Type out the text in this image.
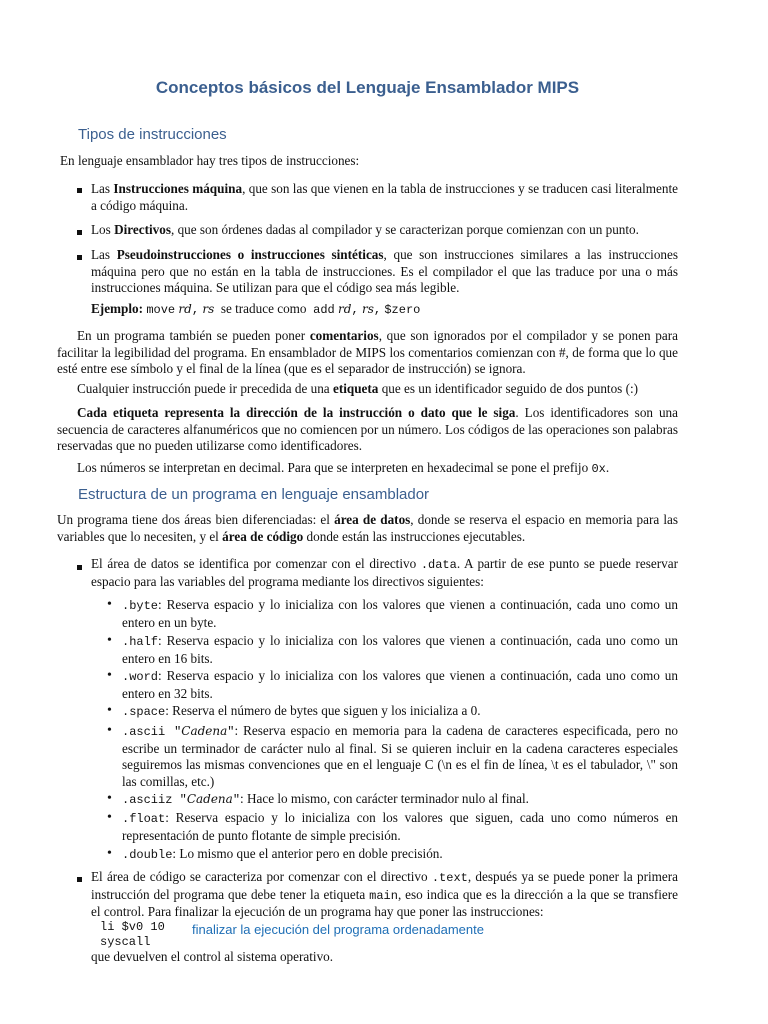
Conceptos básicos del Lenguaje Ensamblador MIPS
Tipos de instrucciones
En lenguaje ensamblador hay tres tipos de instrucciones:
Las Instrucciones máquina, que son las que vienen en la tabla de instrucciones y se traducen casi literalmente a código máquina.
Los Directivos, que son órdenes dadas al compilador y se caracterizan porque comienzan con un punto.
Las Pseudoinstrucciones o instrucciones sintéticas, que son instrucciones similares a las instrucciones máquina pero que no están en la tabla de instrucciones. Es el compilador el que las traduce por una o más instrucciones máquina. Se utilizan para que el código sea más legible.
Ejemplo: move rd, rs se traduce como add rd, rs, $zero
En un programa también se pueden poner comentarios, que son ignorados por el compilador y se ponen para facilitar la legibilidad del programa. En ensamblador de MIPS los comentarios comienzan con #, de forma que lo que esté entre ese símbolo y el final de la línea (que es el separador de instrucción) se ignora.
Cualquier instrucción puede ir precedida de una etiqueta que es un identificador seguido de dos puntos (:)
Cada etiqueta representa la dirección de la instrucción o dato que le siga. Los identificadores son una secuencia de caracteres alfanuméricos que no comiencen por un número. Los códigos de las operaciones son palabras reservadas que no pueden utilizarse como identificadores.
Los números se interpretan en decimal. Para que se interpreten en hexadecimal se pone el prefijo 0x.
Estructura de un programa en lenguaje ensamblador
Un programa tiene dos áreas bien diferenciadas: el área de datos, donde se reserva el espacio en memoria para las variables que lo necesiten, y el área de código donde están las instrucciones ejecutables.
El área de datos se identifica por comenzar con el directivo .data. A partir de ese punto se puede reservar espacio para las variables del programa mediante los directivos siguientes:
• .byte: Reserva espacio y lo inicializa con los valores que vienen a continuación, cada uno como un entero en un byte.
• .half: Reserva espacio y lo inicializa con los valores que vienen a continuación, cada uno como un entero en 16 bits.
• .word: Reserva espacio y lo inicializa con los valores que vienen a continuación, cada uno como un entero en 32 bits.
• .space: Reserva el número de bytes que siguen y los inicializa a 0.
• .ascii "Cadena": Reserva espacio en memoria para la cadena de caracteres especificada, pero no escribe un terminador de carácter nulo al final. Si se quieren incluir en la cadena caracteres especiales seguiremos las mismas convenciones que en el lenguaje C (\n es el fin de línea, \t es el tabulador, \" son las comillas, etc.)
• .asciiz "Cadena": Hace lo mismo, con carácter terminador nulo al final.
• .float: Reserva espacio y lo inicializa con los valores que siguen, cada uno como números en representación de punto flotante de simple precisión.
• .double: Lo mismo que el anterior pero en doble precisión.
El área de código se caracteriza por comenzar con el directivo .text, después ya se puede poner la primera instrucción del programa que debe tener la etiqueta main, eso indica que es la dirección a la que se transfiere el control. Para finalizar la ejecución de un programa hay que poner las instrucciones:
li $v0 10
syscall
finalizar la ejecución del programa ordenadamente
que devuelven el control al sistema operativo.
